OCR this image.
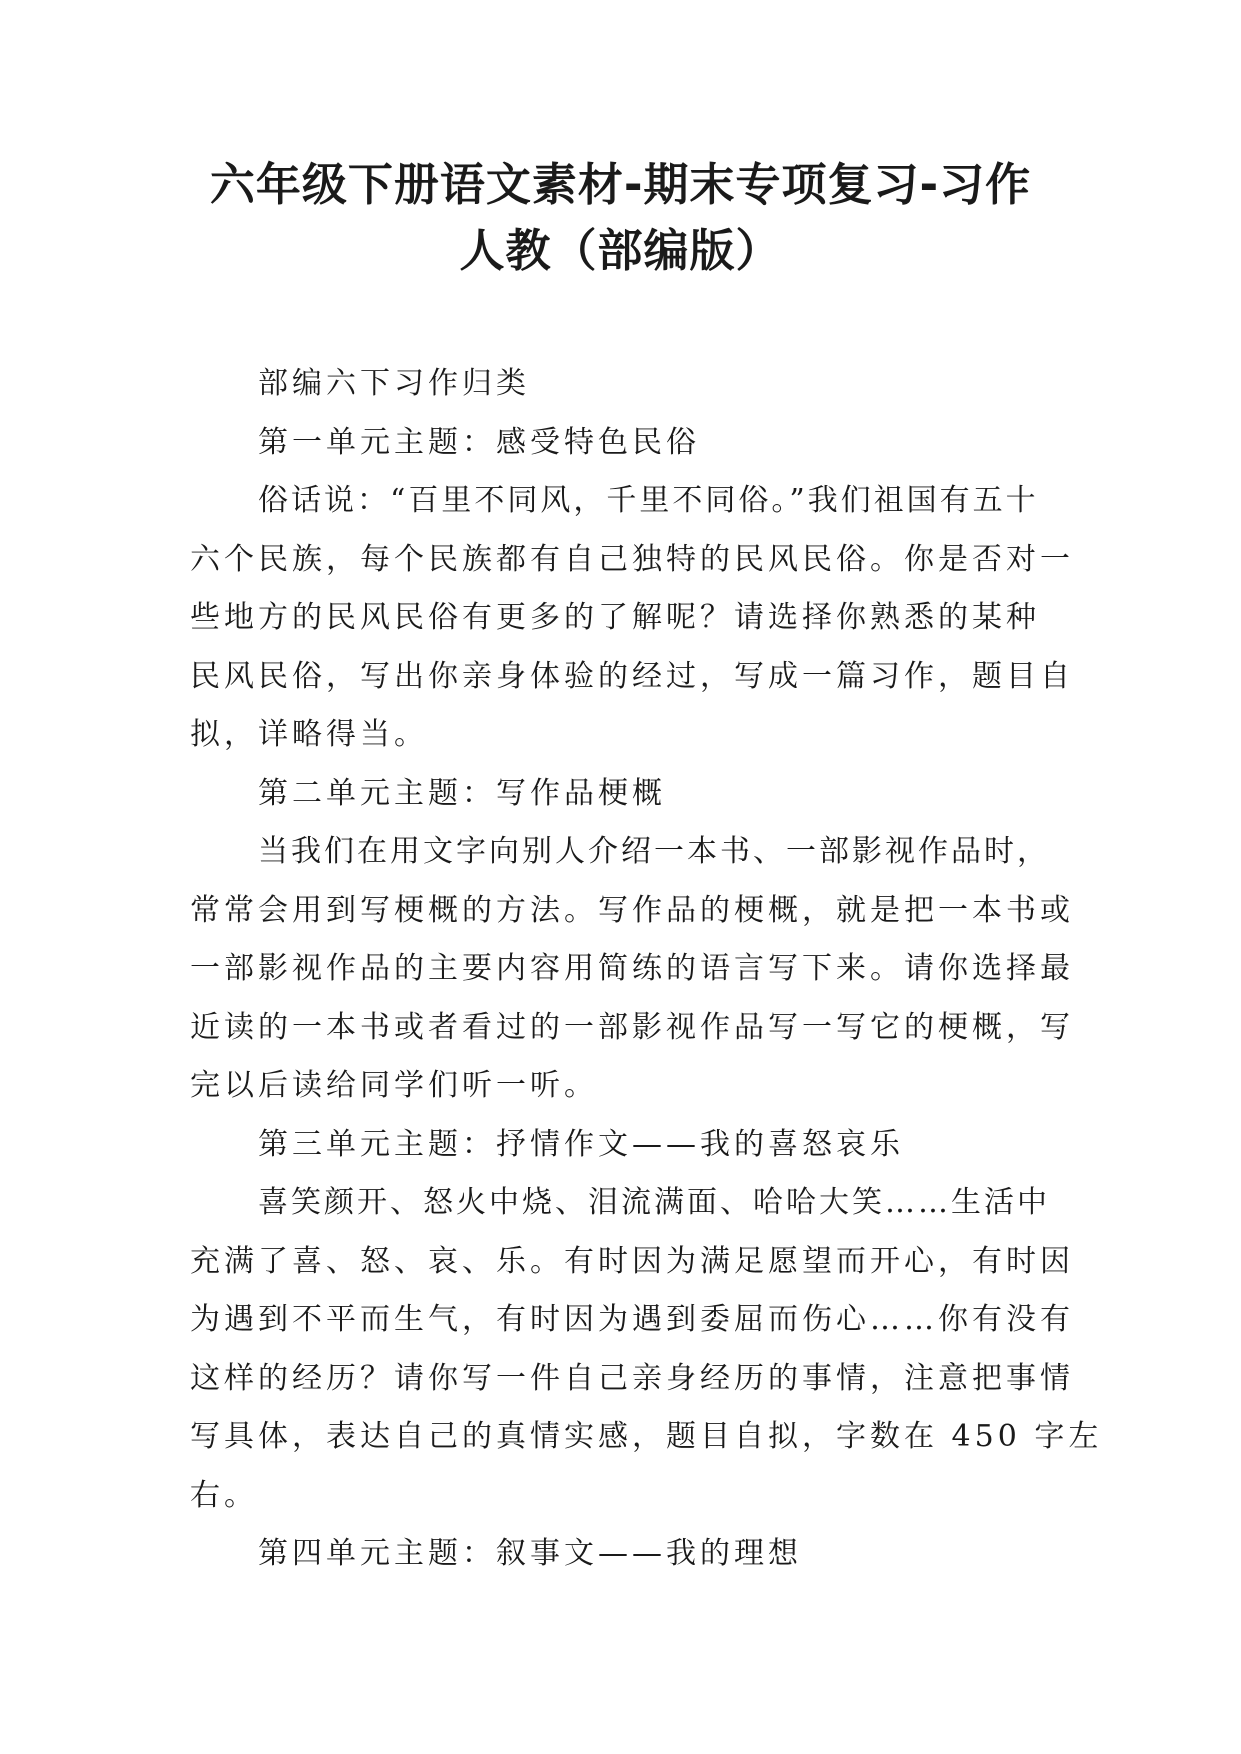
六年级下册语文素材-期末专项复习-习作
人教（部编版）
部编六下习作归类
第一单元主题：感受特色民俗
俗话说：“百里不同风，千里不同俗。”我们祖国有五十
六个民族，每个民族都有自己独特的民风民俗。你是否对一
些地方的民风民俗有更多的了解呢？请选择你熟悉的某种
民风民俗，写出你亲身体验的经过，写成一篇习作，题目自
拟，详略得当。
第二单元主题：写作品梗概
当我们在用文字向别人介绍一本书、一部影视作品时，
常常会用到写梗概的方法。写作品的梗概，就是把一本书或
一部影视作品的主要内容用简练的语言写下来。请你选择最
近读的一本书或者看过的一部影视作品写一写它的梗概，写
完以后读给同学们听一听。
第三单元主题：抒情作文——我的喜怒哀乐
喜笑颜开、怒火中烧、泪流满面、哈哈大笑……生活中
充满了喜、怒、哀、乐。有时因为满足愿望而开心，有时因
为遇到不平而生气，有时因为遇到委屈而伤心……你有没有
这样的经历？请你写一件自己亲身经历的事情，注意把事情
写具体，表达自己的真情实感，题目自拟，字数在 450 字左
右。
第四单元主题：叙事文——我的理想
